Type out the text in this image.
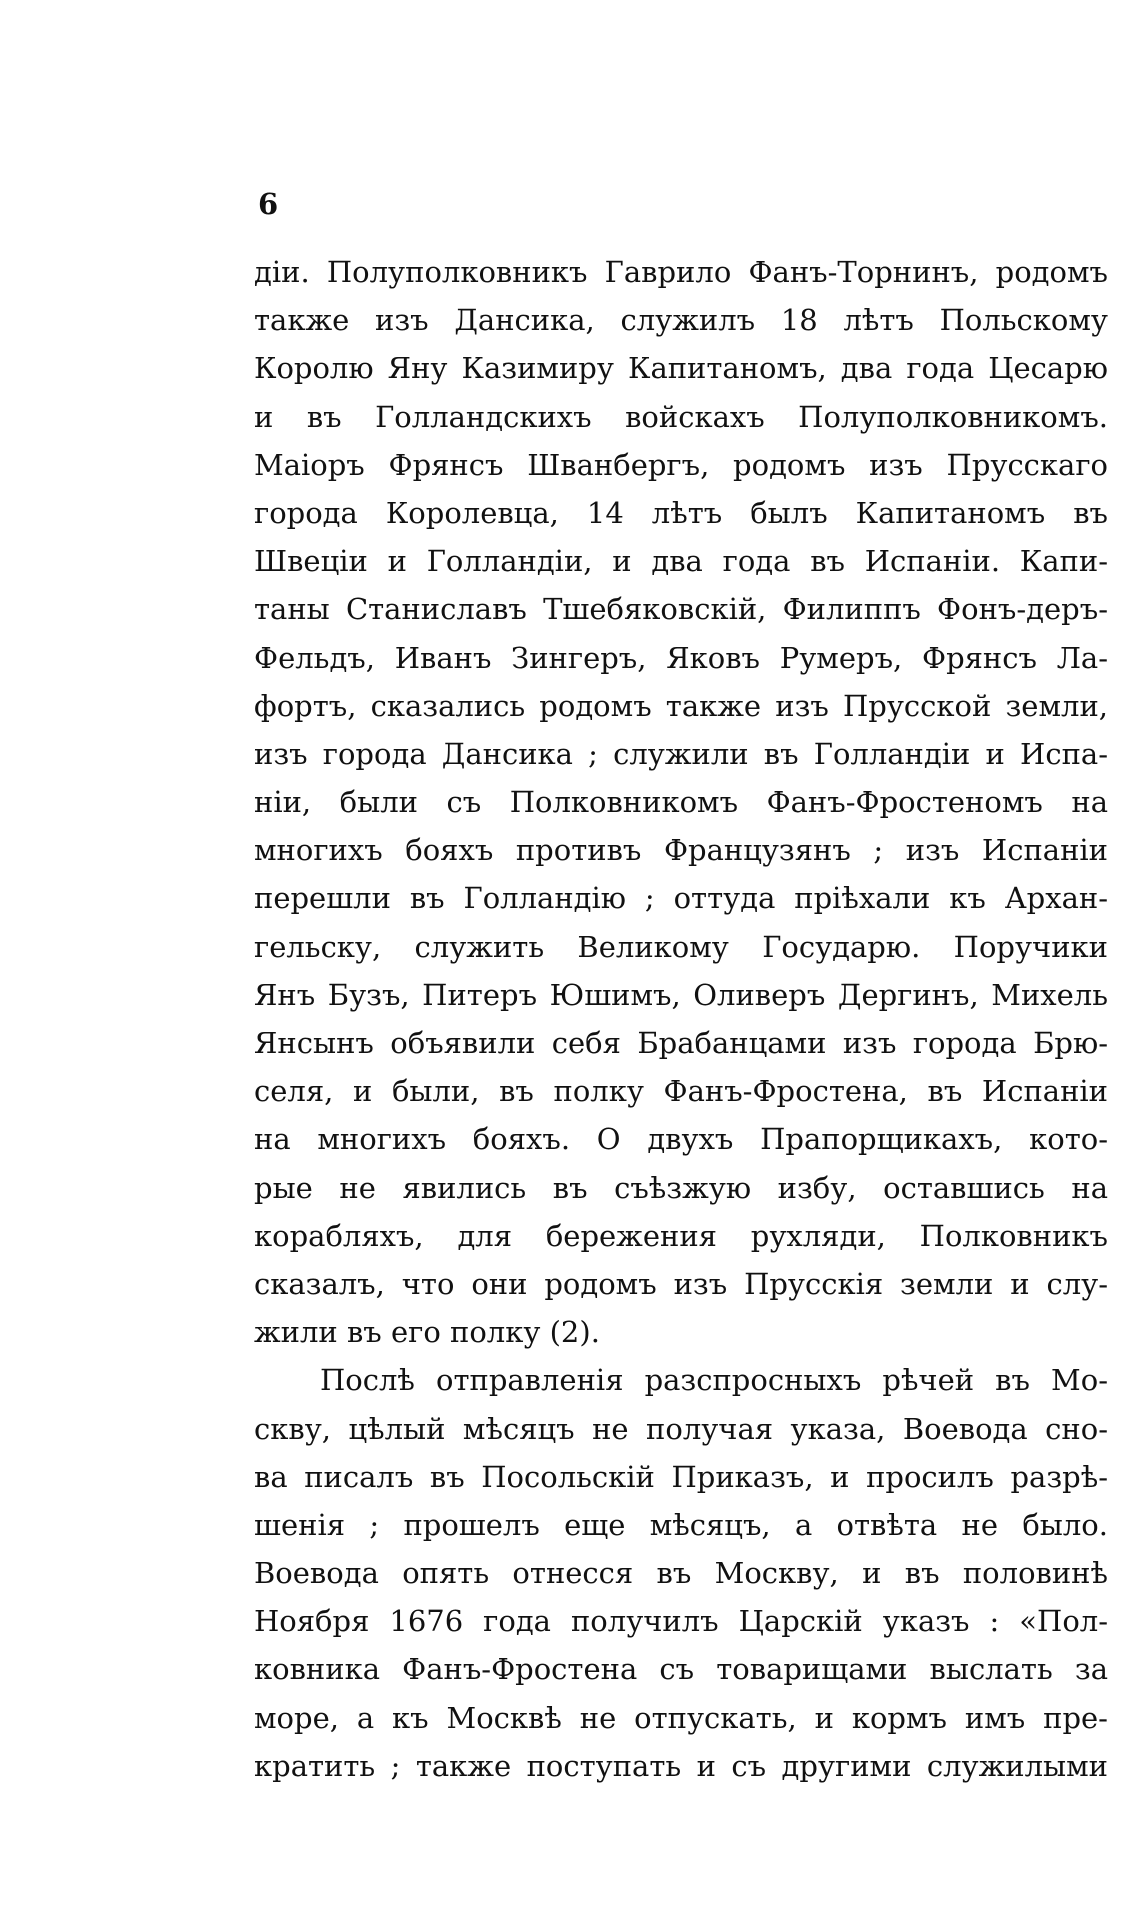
6
дiи. Полуполковникъ Гаврило Фанъ-Торнинъ, родомъ
также изъ Дансика, служилъ 18 лѣтъ Польскому
Королю Яну Казимиру Капитаномъ, два года Цесарю
и въ Голландскихъ войскахъ Полуполковникомъ.
Маiоръ Фрянсъ Шванбергъ, родомъ изъ Прусскаго
города Королевца, 14 лѣтъ былъ Капитаномъ въ
Швецiи и Голландiи, и два года въ Испанiи. Капи-
таны Станиславъ Тшебяковскiй, Филиппъ Фонъ-деръ-
Фельдъ, Иванъ Зингеръ, Яковъ Румеръ, Фрянсъ Ла-
фортъ, сказались родомъ также изъ Прусской земли,
изъ города Дансика ; служили въ Голландiи и Испа-
нiи, были съ Полковникомъ Фанъ-Фростеномъ на
многихъ бояхъ противъ Французянъ ; изъ Испанiи
перешли въ Голландiю ; оттуда прiѣхали къ Архан-
гельску, служить Великому Государю. Поручики
Янъ Бузъ, Питеръ Юшимъ, Оливеръ Дергинъ, Михель
Янсынъ объявили себя Брабанцами изъ города Брю-
селя, и были, въ полку Фанъ-Фростена, въ Испанiи
на многихъ бояхъ. О двухъ Прапорщикахъ, кото-
рые не явились въ съѣзжую избу, оставшись на
корабляхъ, для бережения рухляди, Полковникъ
сказалъ, что они родомъ изъ Прусскiя земли и слу-
жили въ его полку (2).
Послѣ отправленiя разспросныхъ рѣчей въ Мо-
скву, цѣлый мѣсяцъ не получая указа, Воевода сно-
ва писалъ въ Посольскiй Приказъ, и просилъ разрѣ-
шенiя ; прошелъ еще мѣсяцъ, а отвѣта не было.
Воевода опять отнесся въ Москву, и въ половинѣ
Ноября 1676 года получилъ Царскiй указъ : «Пол-
ковника Фанъ-Фростена съ товарищами выслать за
море, а къ Москвѣ не отпускать, и кормъ имъ пре-
кратить ; также поступать и съ другими служилыми
